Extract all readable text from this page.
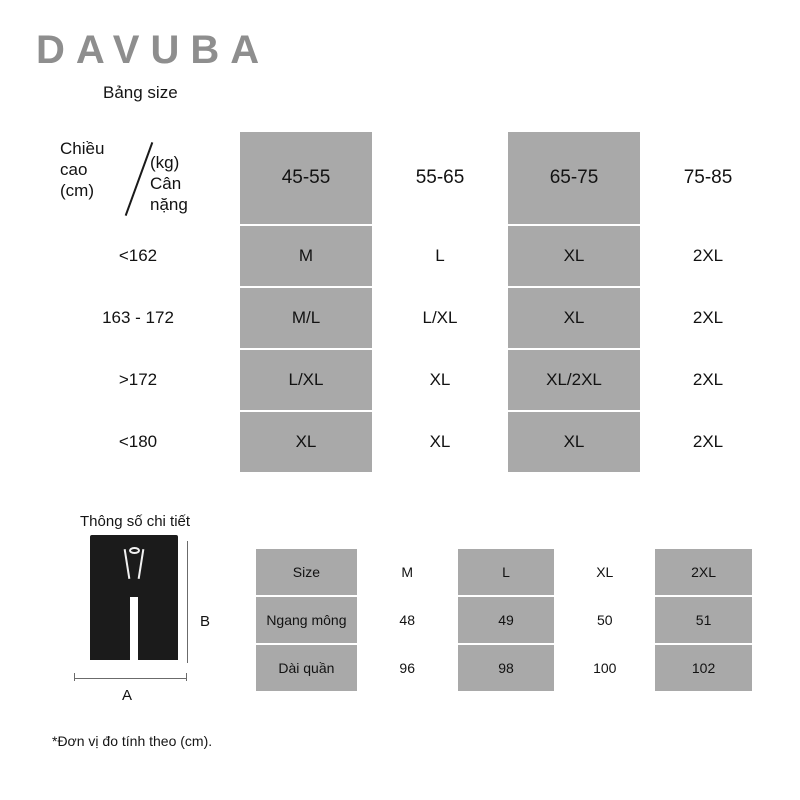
DAVUBA
Bảng size
Chiều
cao
(cm)
(kg)
Cân
nặng
	45-55	55-65	65-75	75-85
<162	M	L	XL	2XL
163 - 172	M/L	L/XL	XL	2XL
>172	L/XL	XL	XL/2XL	2XL
<180	XL	XL	XL	2XL
Thông số chi tiết
B
A
Size	M	L	XL	2XL
Ngang mông	48	49	50	51
Dài quần	96	98	100	102
*Đơn vị đo tính theo (cm).
